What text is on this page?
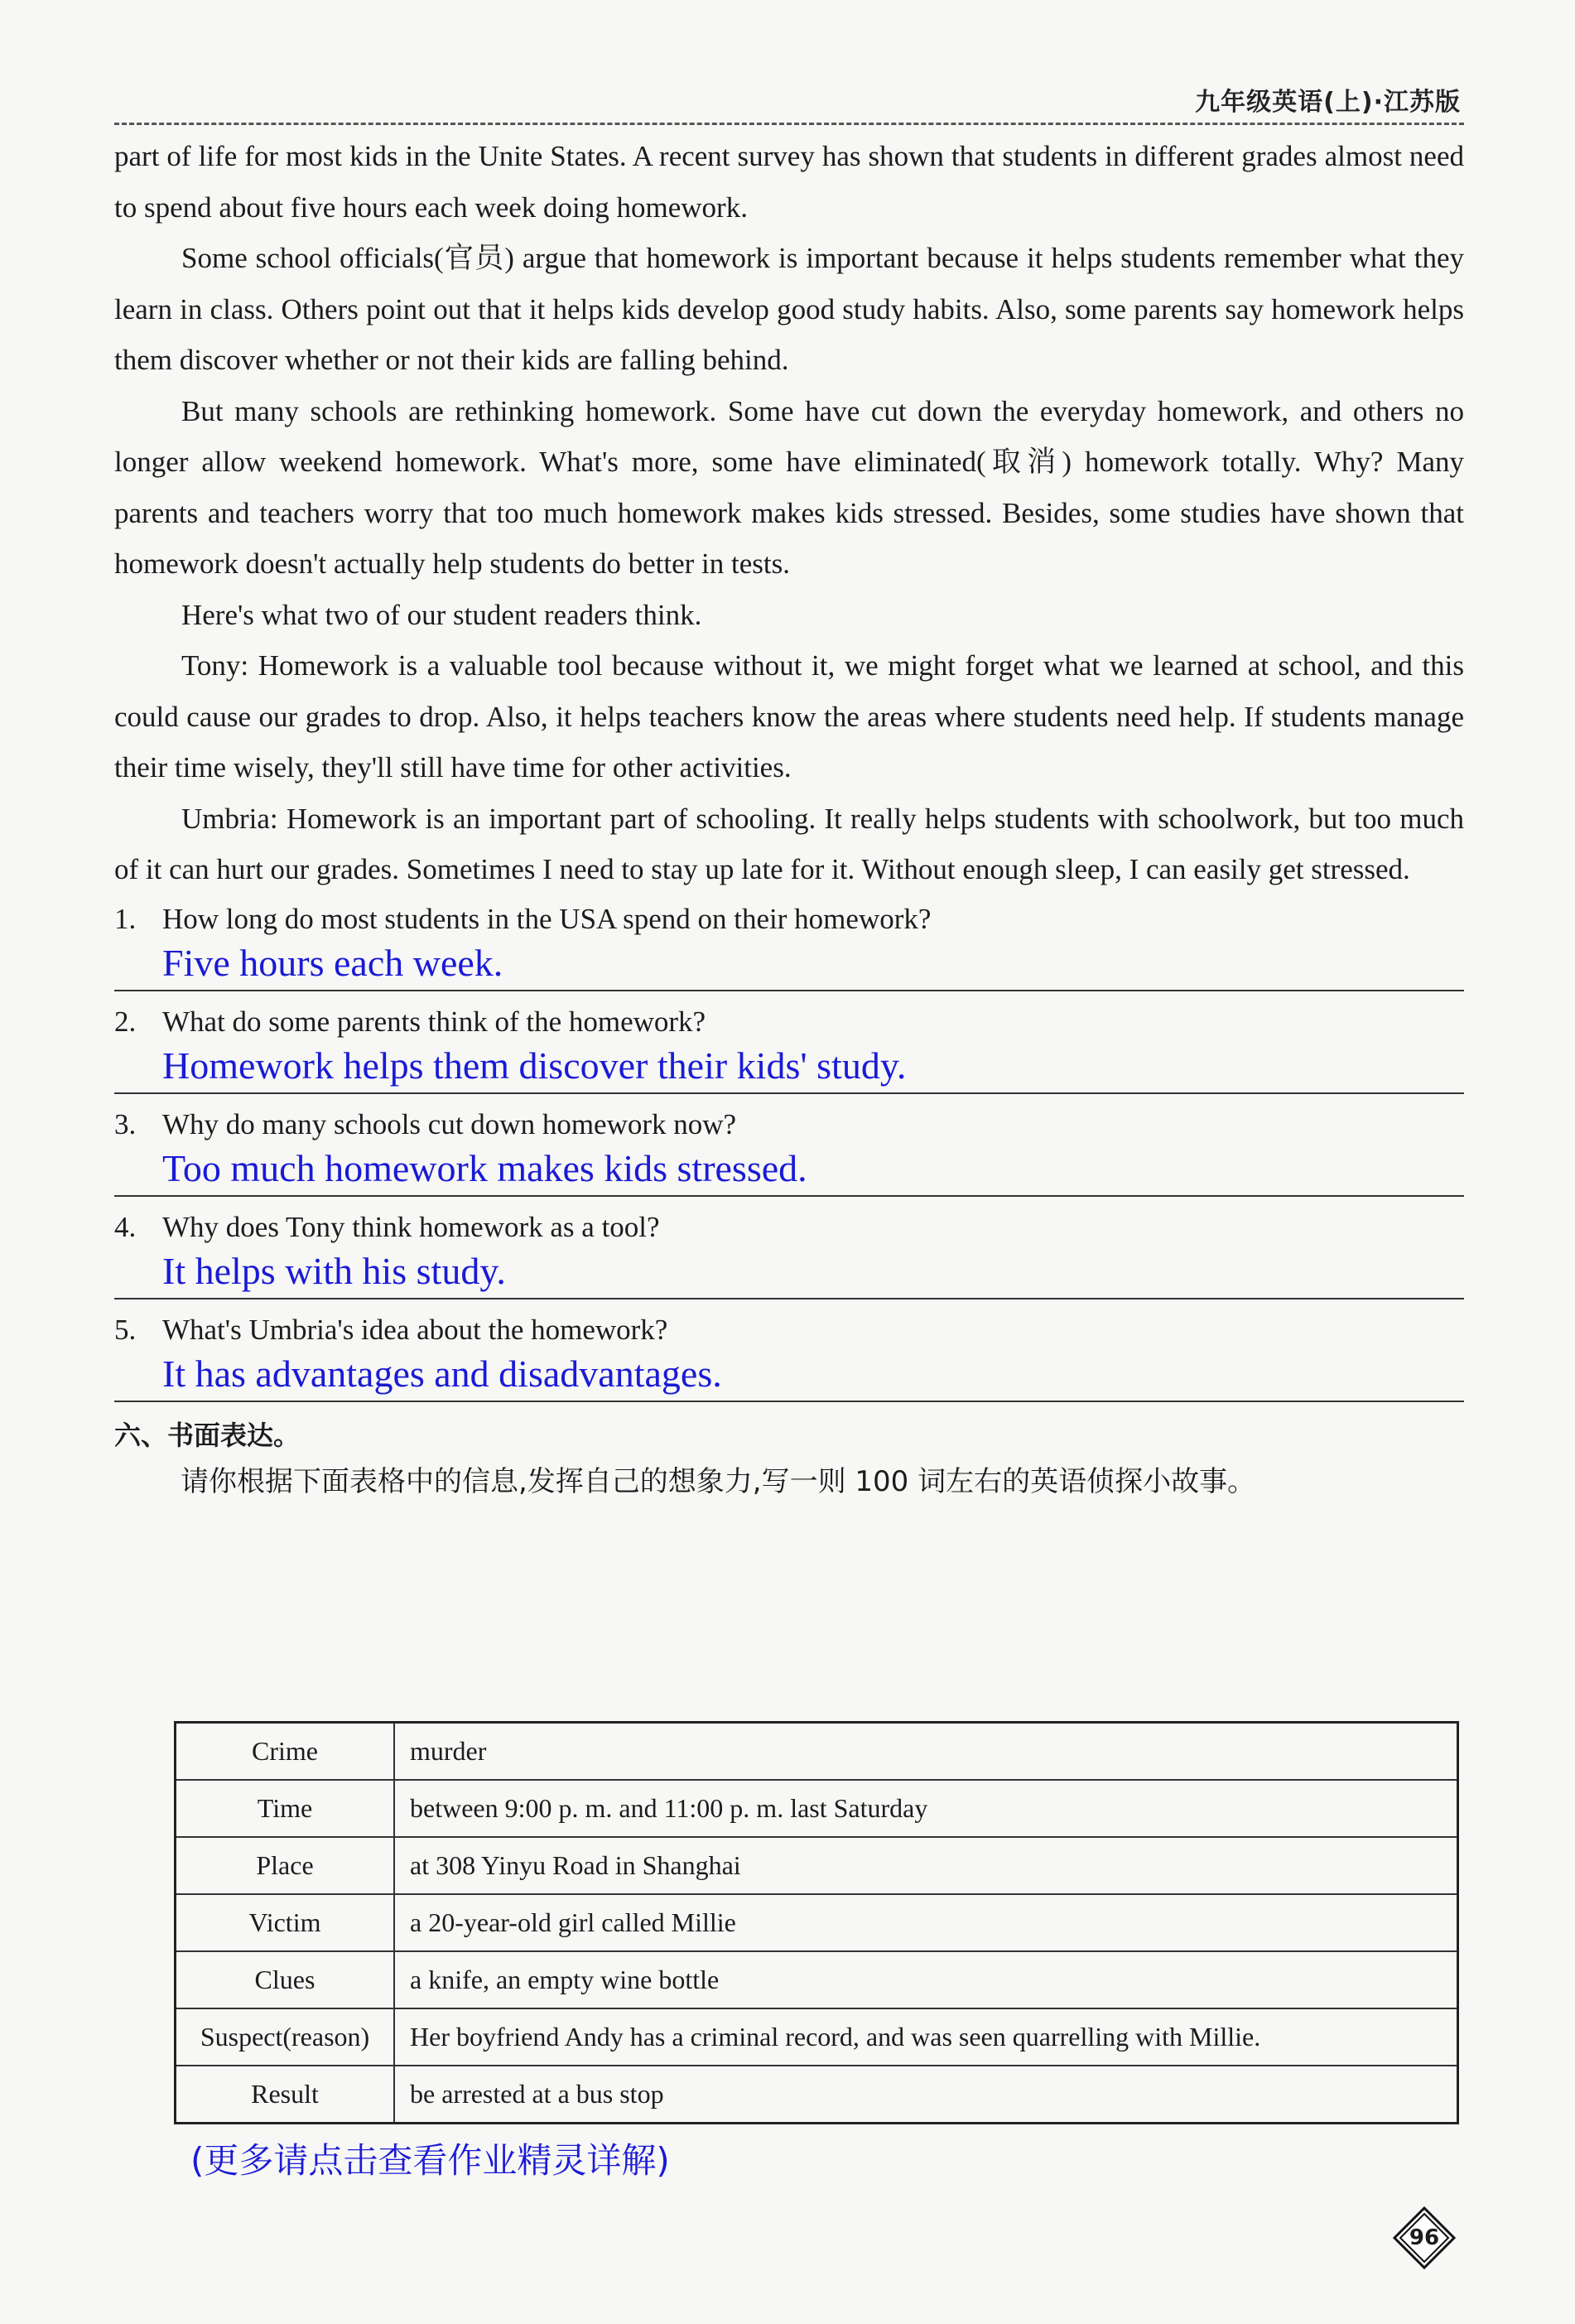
九年级英语(上)·江苏版

part of life for most kids in the Unite States. A recent survey has shown that students in different grades almost need to spend about five hours each week doing homework.

Some school officials(官员) argue that homework is important because it helps students remember what they learn in class. Others point out that it helps kids develop good study habits. Also, some parents say homework helps them discover whether or not their kids are falling behind.

But many schools are rethinking homework. Some have cut down the everyday homework, and others no longer allow weekend homework. What's more, some have eliminated(取消) homework totally. Why? Many parents and teachers worry that too much homework makes kids stressed. Besides, some studies have shown that homework doesn't actually help students do better in tests.

Here's what two of our student readers think.

Tony: Homework is a valuable tool because without it, we might forget what we learned at school, and this could cause our grades to drop. Also, it helps teachers know the areas where students need help. If students manage their time wisely, they'll still have time for other activities.

Umbria: Homework is an important part of schooling. It really helps students with schoolwork, but too much of it can hurt our grades. Sometimes I need to stay up late for it. Without enough sleep, I can easily get stressed.

1. How long do most students in the USA spend on their homework?
Five hours each week.
2. What do some parents think of the homework?
Homework helps them discover their kids' study.
3. Why do many schools cut down homework now?
Too much homework makes kids stressed.
4. Why does Tony think homework as a tool?
It helps with his study.
5. What's Umbria's idea about the homework?
It has advantages and disadvantages.
六、书面表达。
请你根据下面表格中的信息,发挥自己的想象力,写一则 100 词左右的英语侦探小故事。
Crime	murder
Time	between 9:00 p. m. and 11:00 p. m. last Saturday
Place	at 308 Yinyu Road in Shanghai
Victim	a 20-year-old girl called Millie
Clues	a knife, an empty wine bottle
Suspect(reason)	Her boyfriend Andy has a criminal record, and was seen quarrelling with Millie.
Result	be arrested at a bus stop
(更多请点击查看作业精灵详解)
96
